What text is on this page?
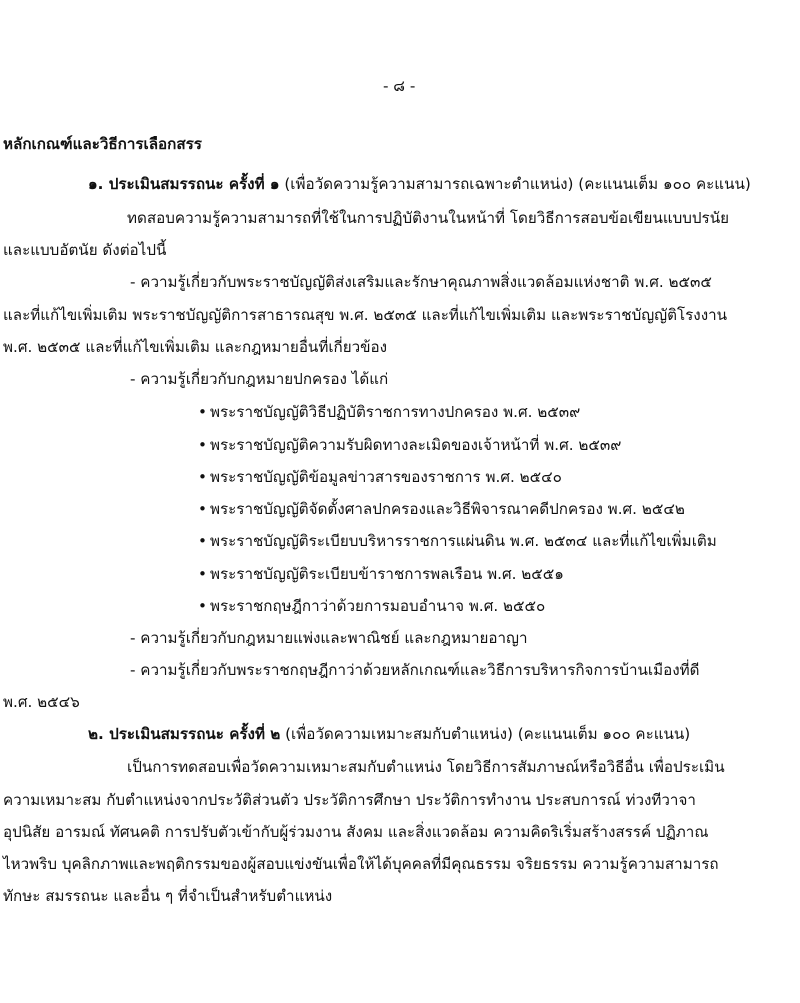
- ๘ -
หลักเกณฑ์และวิธีการเลือกสรร
๑. ประเมินสมรรถนะ ครั้งที่ ๑ (เพื่อวัดความรู้ความสามารถเฉพาะตำแหน่ง) (คะแนนเต็ม ๑๐๐ คะแนน)
ทดสอบความรู้ความสามารถที่ใช้ในการปฏิบัติงานในหน้าที่ โดยวิธีการสอบข้อเขียนแบบปรนัย
และแบบอัตนัย ดังต่อไปนี้
- ความรู้เกี่ยวกับพระราชบัญญัติส่งเสริมและรักษาคุณภาพสิ่งแวดล้อมแห่งชาติ พ.ศ. ๒๕๓๕
และที่แก้ไขเพิ่มเติม พระราชบัญญัติการสาธารณสุข พ.ศ. ๒๕๓๕ และที่แก้ไขเพิ่มเติม และพระราชบัญญัติโรงงาน
พ.ศ. ๒๕๓๕ และที่แก้ไขเพิ่มเติม และกฎหมายอื่นที่เกี่ยวข้อง
- ความรู้เกี่ยวกับกฎหมายปกครอง ได้แก่
• พระราชบัญญัติวิธีปฏิบัติราชการทางปกครอง พ.ศ. ๒๕๓๙
• พระราชบัญญัติความรับผิดทางละเมิดของเจ้าหน้าที่ พ.ศ. ๒๕๓๙
• พระราชบัญญัติข้อมูลข่าวสารของราชการ พ.ศ. ๒๕๔๐
• พระราชบัญญัติจัดตั้งศาลปกครองและวิธีพิจารณาคดีปกครอง พ.ศ. ๒๕๔๒
• พระราชบัญญัติระเบียบบริหารราชการแผ่นดิน พ.ศ. ๒๕๓๔ และที่แก้ไขเพิ่มเติม
• พระราชบัญญัติระเบียบข้าราชการพลเรือน พ.ศ. ๒๕๕๑
• พระราชกฤษฎีกาว่าด้วยการมอบอำนาจ พ.ศ. ๒๕๕๐
- ความรู้เกี่ยวกับกฎหมายแพ่งและพาณิชย์ และกฎหมายอาญา
- ความรู้เกี่ยวกับพระราชกฤษฎีกาว่าด้วยหลักเกณฑ์และวิธีการบริหารกิจการบ้านเมืองที่ดี
พ.ศ. ๒๕๔๖
๒. ประเมินสมรรถนะ ครั้งที่ ๒ (เพื่อวัดความเหมาะสมกับตำแหน่ง) (คะแนนเต็ม ๑๐๐ คะแนน)
เป็นการทดสอบเพื่อวัดความเหมาะสมกับตำแหน่ง โดยวิธีการสัมภาษณ์หรือวิธีอื่น เพื่อประเมิน
ความเหมาะสม กับตำแหน่งจากประวัติส่วนตัว ประวัติการศึกษา ประวัติการทำงาน ประสบการณ์ ท่วงทีวาจา
อุปนิสัย อารมณ์ ทัศนคติ การปรับตัวเข้ากับผู้ร่วมงาน สังคม และสิ่งแวดล้อม ความคิดริเริ่มสร้างสรรค์ ปฏิภาณ
ไหวพริบ บุคลิกภาพและพฤติกรรมของผู้สอบแข่งขันเพื่อให้ได้บุคคลที่มีคุณธรรม จริยธรรม ความรู้ความสามารถ
ทักษะ สมรรถนะ และอื่น ๆ ที่จำเป็นสำหรับตำแหน่ง
